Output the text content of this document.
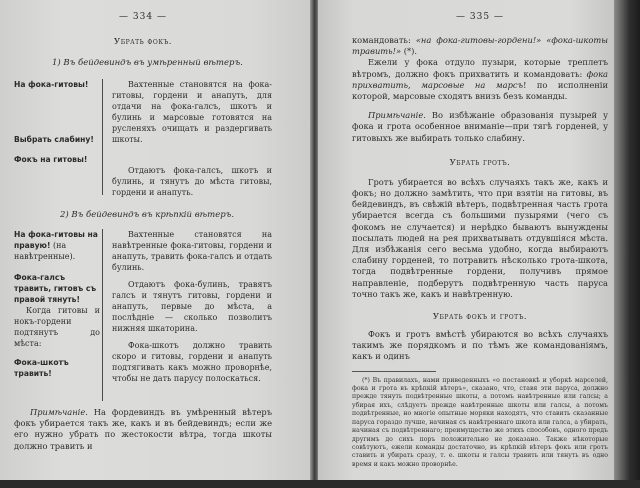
— 334 —
Убрать фокъ.
1) Въ бейдевиндъ въ умѣренный вѣтеръ.
На фока-гитовы!
Выбрать слабину!
Фокъ на гитовы!

Вахтенные становятся на фока-гитовы, гордени и анапуть, для отдачи на фока-галсъ, шкотъ и булинь и марсовые готовятся на русленяхъ очищать и раздергивать шкоты.

Отдаютъ фока-галсъ, шкотъ и булинь, и тянутъ до мѣста гитовы, гордени и анапуть.

2) Въ бейдевиндъ въ крѣпкій вѣтеръ.
На фока-гитовы на правую! (на навѣтренные).
Фока-галсъ травить, гитовъ съ правой тянуть!
Когда гитовы и нокъ-гордени подтянутъ до мѣста:
Фока-шкотъ травить!

Вахтенные становятся на навѣтренные фока-гитовы, гордени и анапуть, травить фока-галсъ и отдать булинь.

Отдаютъ фока-булинь, травятъ галсъ и тянутъ гитовы, гордени и анапуть, первые до мѣста, а послѣдніе — сколько позволитъ нижняя шкаторина.

Фока-шкотъ должно травить скоро и гитовы, гордени и анапуть подтягивать какъ можно проворнѣе, чтобы не дать парусу полоскаться.

Примѣчаніе. На фордевиндъ въ умѣренный вѣтеръ фокъ убирается такъ же, какъ и въ бейдевиндъ; если же его нужно убрать по жестокости вѣтра, тогда шкоты должно травить и

— 335 —

командовать: «на фока-гитовы-гордени!» «фока-шкоты травить!» (*).

Ежели у фока отдуло пузыри, которые треплетъ вѣтромъ, должно фокъ прихватить и командовать: фока прихватить, марсовые на марсъ! по исполненіи которой, марсовые сходятъ внизъ безъ команды.

Примѣчаніе. Во избѣжаніе образованія пузырей у фока и грота особенное вниманіе—при тягѣ горденей, у гитовыхъ же выбирать только слабину.

Убрать гротъ.

Гротъ убирается во всѣхъ случаяхъ такъ же, какъ и фокъ; но должно замѣтить, что при взятіи на гитовы, въ бейдевиндъ, въ свѣжій вѣтеръ, подвѣтренная часть грота убирается всегда съ большими пузырями (чего съ фокомъ не случается) и нерѣдко бываютъ вынуждены посылать людей на рея прихватывать отдувшіяся мѣста. Для избѣжанія сего весьма удобно, когда выбираютъ слабину горденей, то потравить нѣсколько грота-шкота, тогда подвѣтренные гордени, получивъ прямое направленіе, подберутъ подвѣтренную часть паруса точно такъ же, какъ и навѣтренную.

Убрать фокъ и гротъ.

Фокъ и гротъ вмѣстѣ убираются во всѣхъ случаяхъ такимъ же порядкомъ и по тѣмъ же командованіямъ, какъ и одинъ

(*) Въ правилахъ, нами приведенныхъ «о постановкѣ и уборкѣ марселей, фока и грота въ крѣпкій вѣтеръ», сказано, что, ставя эти паруса, должно прежде тянуть подвѣтренные шкоты, а потомъ навѣтренные или галсы; а убирая ихъ, слѣдуетъ прежде навѣтренные шкоты или галсы, а потомъ подвѣтренные, но многіе опытные моряки находятъ, что ставить сказанные паруса гораздо лучше, начиная съ навѣтреннаго шкота или галса, а убирать, начиная съ подвѣтреннаго; преимущество же этихъ способовъ, одного предъ другимъ до сихъ поръ положительно не доказано. Также нѣкоторые совѣтуютъ, ежели команды достаточно, въ крѣпкій вѣтеръ фокъ или гротъ ставить и убирать сразу, т. е. шкоты и галсы травить или тянуть въ одно время и какъ можно проворнѣе.
